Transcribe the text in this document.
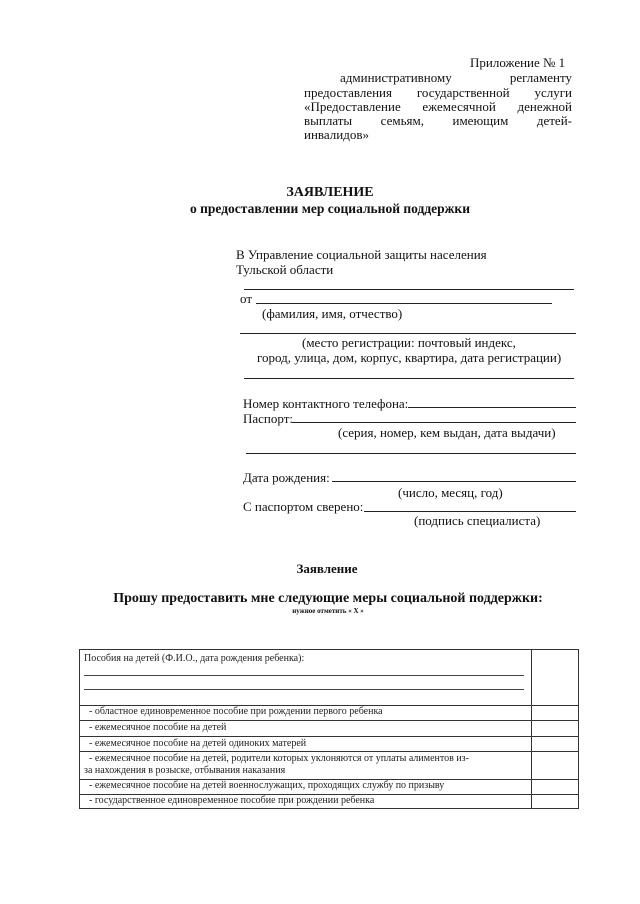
Приложение № 1
административному регламенту
предоставления государственной услуги
«Предоставление ежемесячной денежной
выплаты семьям, имеющим детей-
инвалидов»
ЗАЯВЛЕНИЕ
о предоставлении мер социальной поддержки
В Управление социальной защиты населения
Тульской области
от
(фамилия, имя, отчество)
(место регистрации: почтовый индекс,
город, улица, дом, корпус, квартира, дата регистрации)
Номер контактного телефона:
Паспорт:
(серия, номер, кем выдан, дата выдачи)
Дата рождения:
(число, месяц, год)
С паспортом сверено:
(подпись специалиста)
Заявление
Прошу предоставить мне следующие меры социальной поддержки:
нужное отметить « X »
Пособия на детей (Ф.И.О., дата рождения ребенка):
- областное единовременное пособие при рождении первого ребенка
- ежемесячное пособие на детей
- ежемесячное пособие на детей одиноких матерей
- ежемесячное пособие на детей, родители которых уклоняются от уплаты алиментов из-
за нахождения в розыске, отбывания наказания
- ежемесячное пособие на детей военнослужащих, проходящих службу по призыву
- государственное единовременное пособие при рождении ребенка
